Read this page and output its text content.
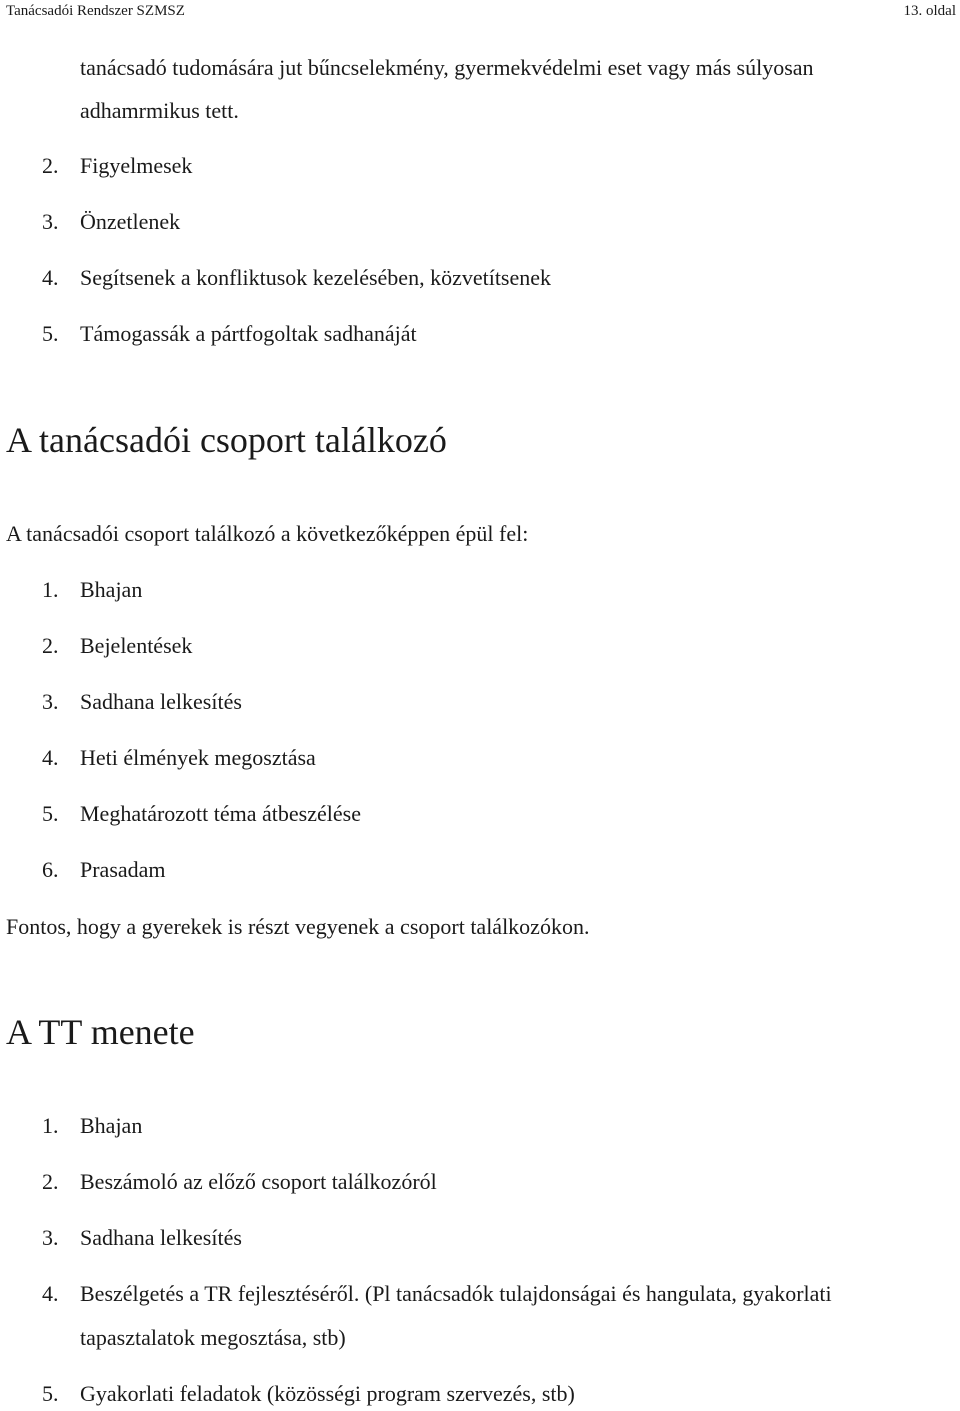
Tanácsadói Rendszer SZMSZ	13. oldal
tanácsadó tudomására jut bűncselekmény, gyermekvédelmi eset vagy más súlyosan
adhamrmikus tett.
2. Figyelmesek
3. Önzetlenek
4. Segítsenek a konfliktusok kezelésében, közvetítsenek
5. Támogassák a pártfogoltak sadhanáját
A tanácsadói csoport találkozó
A tanácsadói csoport találkozó a következőképpen épül fel:
1. Bhajan
2. Bejelentések
3. Sadhana lelkesítés
4. Heti élmények megosztása
5. Meghatározott téma átbeszélése
6. Prasadam
Fontos, hogy a gyerekek is részt vegyenek a csoport találkozókon.
A TT menete
1. Bhajan
2. Beszámoló az előző csoport találkozóról
3. Sadhana lelkesítés
4. Beszélgetés a TR fejlesztéséről. (Pl tanácsadók tulajdonságai és hangulata, gyakorlati
tapasztalatok megosztása, stb)
5. Gyakorlati feladatok (közösségi program szervezés, stb)
